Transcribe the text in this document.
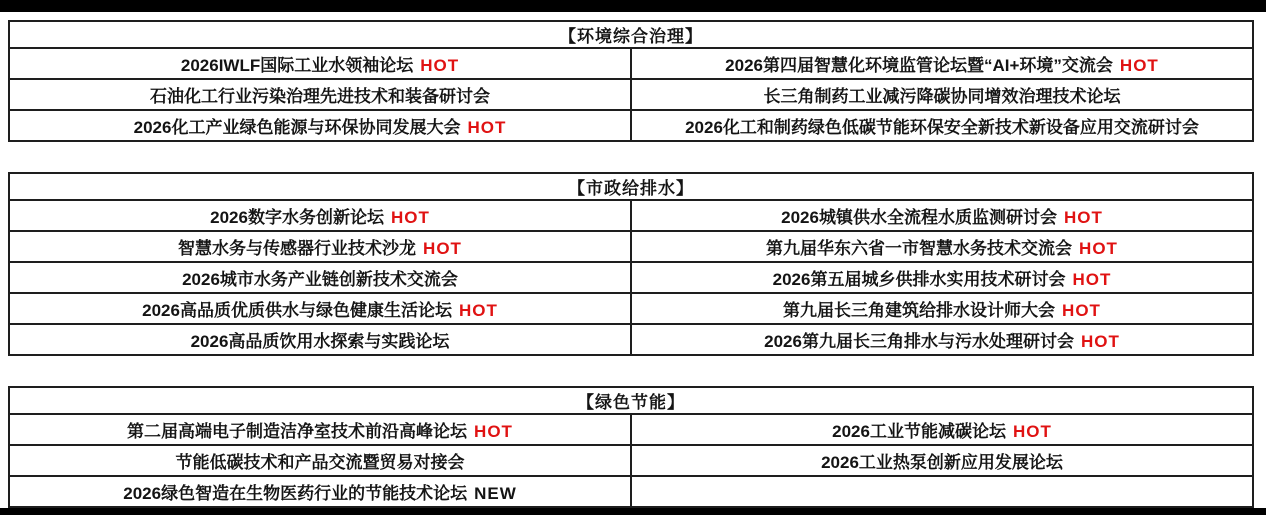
【环境综合治理】	
2026IWLF国际工业水领袖论坛 HOT	2026第四届智慧化环境监管论坛暨“AI+环境”交流会 HOT
石油化工行业污染治理先进技术和装备研讨会	长三角制药工业减污降碳协同增效治理技术论坛
2026化工产业绿色能源与环保协同发展大会 HOT	2026化工和制药绿色低碳节能环保安全新技术新设备应用交流研讨会
【市政给排水】	
2026数字水务创新论坛 HOT	2026城镇供水全流程水质监测研讨会 HOT
智慧水务与传感器行业技术沙龙 HOT	第九届华东六省一市智慧水务技术交流会 HOT
2026城市水务产业链创新技术交流会	2026第五届城乡供排水实用技术研讨会 HOT
2026高品质优质供水与绿色健康生活论坛 HOT	第九届长三角建筑给排水设计师大会 HOT
2026高品质饮用水探索与实践论坛	2026第九届长三角排水与污水处理研讨会 HOT
【绿色节能】	
第二届高端电子制造洁净室技术前沿高峰论坛 HOT	2026工业节能减碳论坛 HOT
节能低碳技术和产品交流暨贸易对接会	2026工业热泵创新应用发展论坛
2026绿色智造在生物医药行业的节能技术论坛 NEW	
